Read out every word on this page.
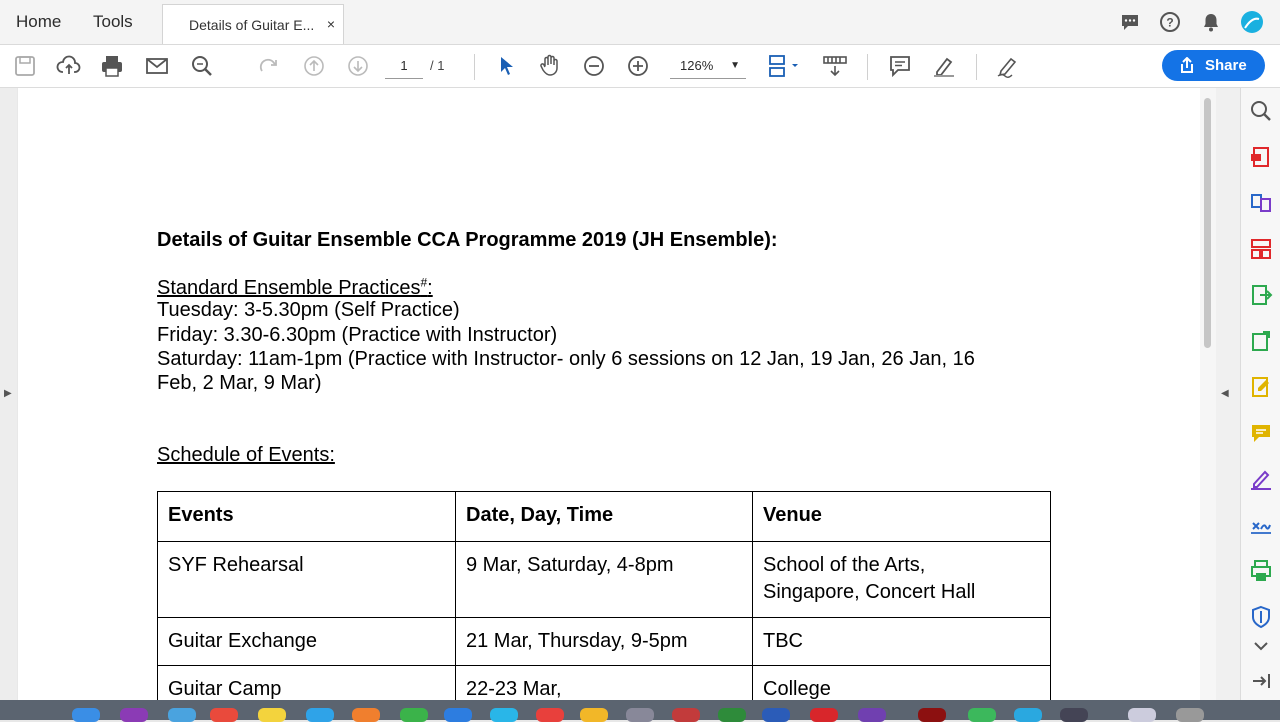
Home Tools	Details of Guitar E... ×	?
1	/ 1	126% ▼	Share
▶
Details of Guitar Ensemble CCA Programme 2019 (JH Ensemble):
Standard Ensemble Practices#:
Tuesday: 3-5.30pm (Self Practice)
Friday: 3.30-6.30pm (Practice with Instructor)
Saturday: 11am-1pm (Practice with Instructor- only 6 sessions on 12 Jan, 19 Jan, 26 Jan, 16
Feb, 2 Mar, 9 Mar)
Schedule of Events:
Events	Date, Day, Time	Venue
SYF Rehearsal	9 Mar, Saturday, 4-8pm	School of the Arts,
Singapore, Concert Hall
Guitar Exchange	21 Mar, Thursday, 9-5pm	TBC
Guitar Camp	22-23 Mar,	College
◀
